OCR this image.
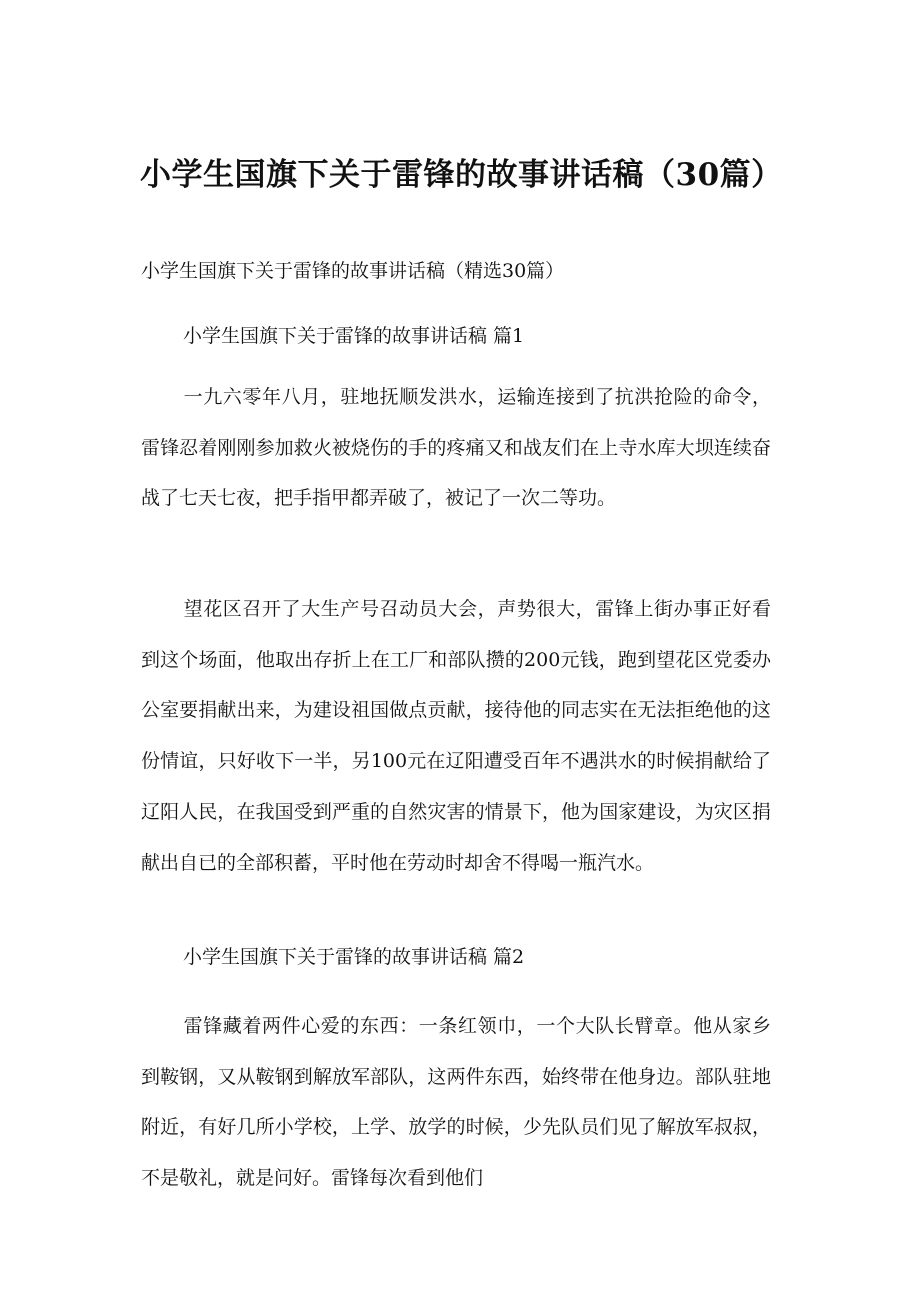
小学生国旗下关于雷锋的故事讲话稿（30篇）

小学生国旗下关于雷锋的故事讲话稿（精选30篇）

小学生国旗下关于雷锋的故事讲话稿 篇1

一九六零年八月，驻地抚顺发洪水，运输连接到了抗洪抢险的命令，雷锋忍着刚刚参加救火被烧伤的手的疼痛又和战友们在上寺水库大坝连续奋战了七天七夜，把手指甲都弄破了，被记了一次二等功。

望花区召开了大生产号召动员大会，声势很大，雷锋上街办事正好看到这个场面，他取出存折上在工厂和部队攒的200元钱，跑到望花区党委办公室要捐献出来，为建设祖国做点贡献，接待他的同志实在无法拒绝他的这份情谊，只好收下一半，另100元在辽阳遭受百年不遇洪水的时候捐献给了辽阳人民，在我国受到严重的自然灾害的情景下，他为国家建设，为灾区捐献出自已的全部积蓄，平时他在劳动时却舍不得喝一瓶汽水。

小学生国旗下关于雷锋的故事讲话稿 篇2

雷锋藏着两件心爱的东西：一条红领巾，一个大队长臂章。他从家乡到鞍钢，又从鞍钢到解放军部队，这两件东西，始终带在他身边。部队驻地附近，有好几所小学校，上学、放学的时候，少先队员们见了解放军叔叔，不是敬礼，就是问好。雷锋每次看到他们
